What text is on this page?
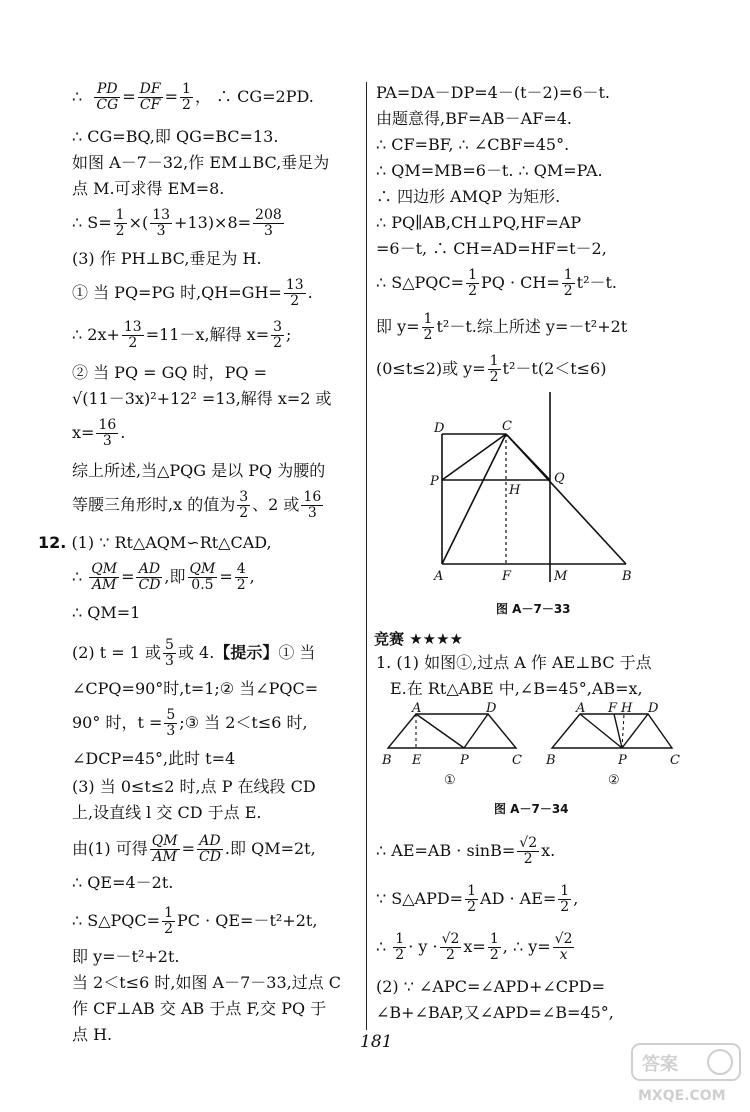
∴ $\frac{PD}{CG} = \frac{DF}{CF} = \frac{1}{2}$ ， ∴ CG=2PD.
∴ CG=BQ,即 QG=BC=13.
如图 A－7－32,作 EM⊥BC,垂足为
点 M.可求得 EM=8.
∴ $S= \frac{1}{2}$ ×( $\frac{13}{3} +13)\times 8= \frac{208}{3}$
(3) 作 PH⊥BC,垂足为 H.
① 当 PQ=PG 时$,QH=GH= \frac{13}{2}$ .
∴ $2x+ \frac{13}{2} =11-x$,解得 $x= \frac{3}{2}$ ;
② 当 PQ = GQ 时，PQ =
√(11－3x)²+12² =13,解得 x=2 或
$x= \frac{16}{3}$ .
综上所述,当△PQG 是以 PQ 为腰的
等腰三角形时,x 的值为 $\frac{3}{2}$ 、2 或 $\frac{16}{3}$
12. (1) ∵ Rt△AQM∽Rt△CAD,
∴ $\frac{QM}{AM} = \frac{AD}{CD}$ ,即 $\frac{QM}{0.5} = \frac{4}{2}$ ,
∴ QM=1
(2) t = 1 或 $\frac{5}{3}$ 或 4.【提示】① 当
∠CPQ=90°时,t=1;② 当∠PQC=
90° 时，$t = \frac{5}{3}$ ;③ 当 2＜t≤6 时,
∠DCP=45°,此时 t=4
(3) 当 0≤t≤2 时,点 P 在线段 CD
上,设直线 l 交 CD 于点 E.
由(1) 可得 $\frac{QM}{AM} = \frac{AD}{CD}$ .即 QM=2t,
∴ QE=4－2t.
∴ S△PQC= $\frac{1}{2}$ PC · QE=－t²+2t,
即 y=－t²+2t.
当 2＜t≤6 时,如图 A－7－33,过点 C
作 CF⊥AB 交 AB 于点 F,交 PQ 于
点 H.
PA=DA－DP=4－(t－2)=6－t.
由题意得,BF=AB－AF=4.
∴ CF=BF, ∴ ∠CBF=45°.
∴ QM=MB=6－t. ∴ QM=PA.
∴ 四边形 AMQP 为矩形.
∴ PQ∥AB,CH⊥PQ,HF=AP
=6－t, ∴ CH=AD=HF=t－2,
∴ S△PQC= $\frac{1}{2}$ PQ · $CH= \frac{1}{2} t^2-t$.
即 $y= \frac{1}{2} t^2-t$.综上所述 y=－t²+2t
(0≤t≤2)或 $y= \frac{1}{2} t^2-t(2<t\le 6)$
D	C
P	Q
H
A	F	M	B
图 A－7－33
竞赛 ★★★★
1. (1) 如图①,过点 A 作 AE⊥BC 于点
E.在 Rt△ABE 中,∠B=45°,AB=x,
A	D
B E	P	C
A F H D
B	P	C
①	②
图 A－7－34
∴ $AE=AB \cdot \sin B= \frac{√2}{2} x$.
∵ S△APD= $\frac{1}{2}$ AD · $AE= \frac{1}{2}$ ,
∴ $\frac{1}{2} \cdot y \cdot \frac{√2}{2} x= \frac{1}{2}$ , ∴ $y= \frac{√2}{x}$
(2) ∵ ∠APC=∠APD+∠CPD=
∠B+∠BAP,又∠APD=∠B=45°,
181
答案
MXQE.COM
